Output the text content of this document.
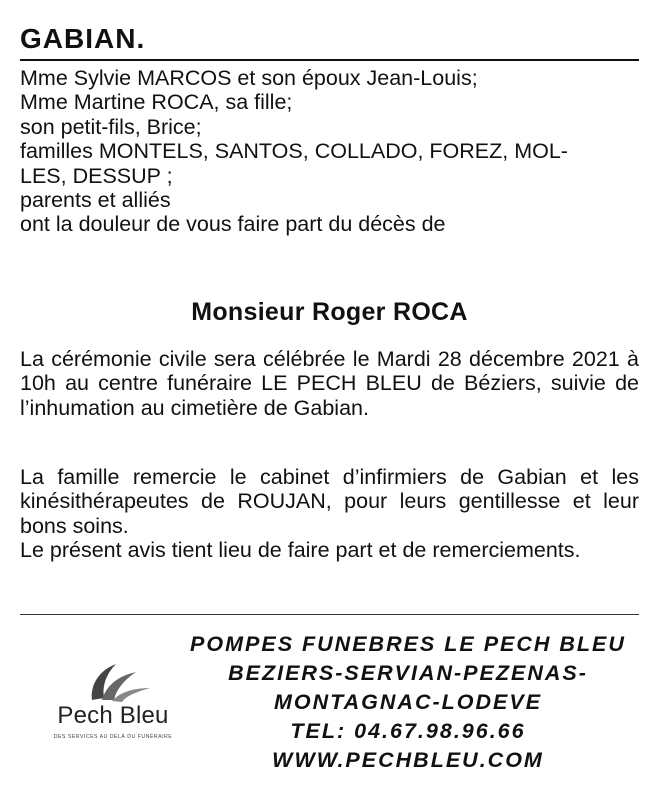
GABIAN.
Mme Sylvie MARCOS et son époux Jean-Louis;
Mme Martine ROCA, sa fille;
son petit-fils, Brice;
familles MONTELS, SANTOS, COLLADO, FOREZ, MOL-
LES, DESSUP ;
parents et alliés
ont la douleur de vous faire part du décès de
Monsieur Roger ROCA
La cérémonie civile sera célébrée le Mardi 28 décembre 2021 à 10h au centre funéraire LE PECH BLEU de Béziers, suivie de l’inhumation au cimetière de Gabian.
La famille remercie le cabinet d’infirmiers de Gabian et les kinésithérapeutes de ROUJAN, pour leurs gentillesse et leur bons soins.
Le présent avis tient lieu de faire part et de remerciements.
Pech Bleu
DES SERVICES AU DELÀ DU FUNÉRAIRE
POMPES FUNEBRES LE PECH BLEU
BEZIERS-SERVIAN-PEZENAS-
MONTAGNAC-LODEVE
TEL: 04.67.98.96.66
WWW.PECHBLEU.COM
